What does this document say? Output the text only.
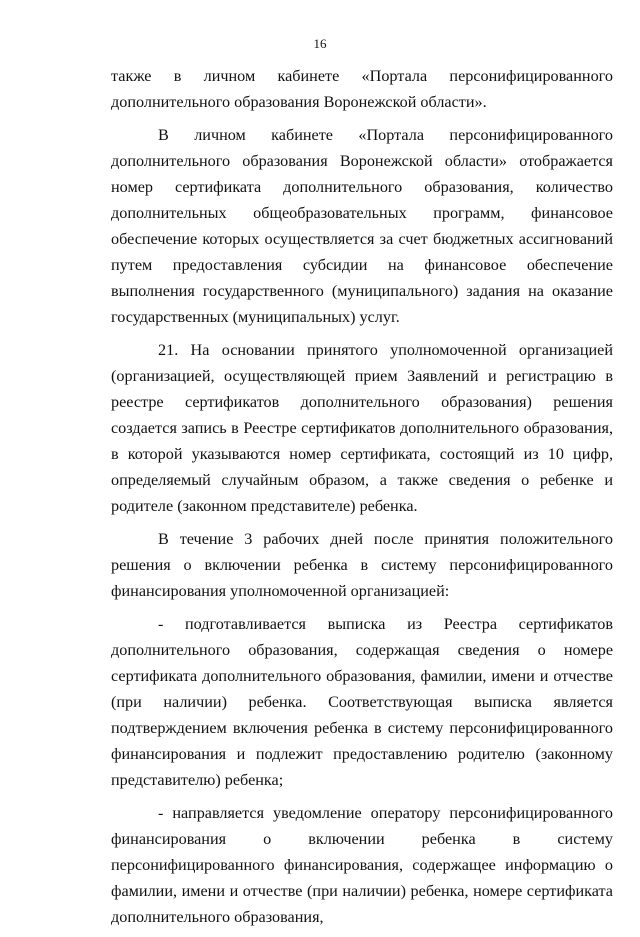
16

также в личном кабинете «Портала персонифицированного дополнительного образования Воронежской области».

В личном кабинете «Портала персонифицированного дополнительного образования Воронежской области» отображается номер сертификата дополнительного образования, количество дополнительных общеобразовательных программ, финансовое обеспечение которых осуществляется за счет бюджетных ассигнований путем предоставления субсидии на финансовое обеспечение выполнения государственного (муниципального) задания на оказание государственных (муниципальных) услуг.

21. На основании принятого уполномоченной организацией (организацией, осуществляющей прием Заявлений и регистрацию в реестре сертификатов дополнительного образования) решения создается запись в Реестре сертификатов дополнительного образования, в которой указываются номер сертификата, состоящий из 10 цифр, определяемый случайным образом, а также сведения о ребенке и родителе (законном представителе) ребенка.

В течение 3 рабочих дней после принятия положительного решения о включении ребенка в систему персонифицированного финансирования уполномоченной организацией:

- подготавливается выписка из Реестра сертификатов дополнительного образования, содержащая сведения о номере сертификата дополнительного образования, фамилии, имени и отчестве (при наличии) ребенка. Соответствующая выписка является подтверждением включения ребенка в систему персонифицированного финансирования и подлежит предоставлению родителю (законному представителю) ребенка;

- направляется уведомление оператору персонифицированного финансирования о включении ребенка в систему персонифицированного финансирования, содержащее информацию о фамилии, имени и отчестве (при наличии) ребенка, номере сертификата дополнительного образования,
